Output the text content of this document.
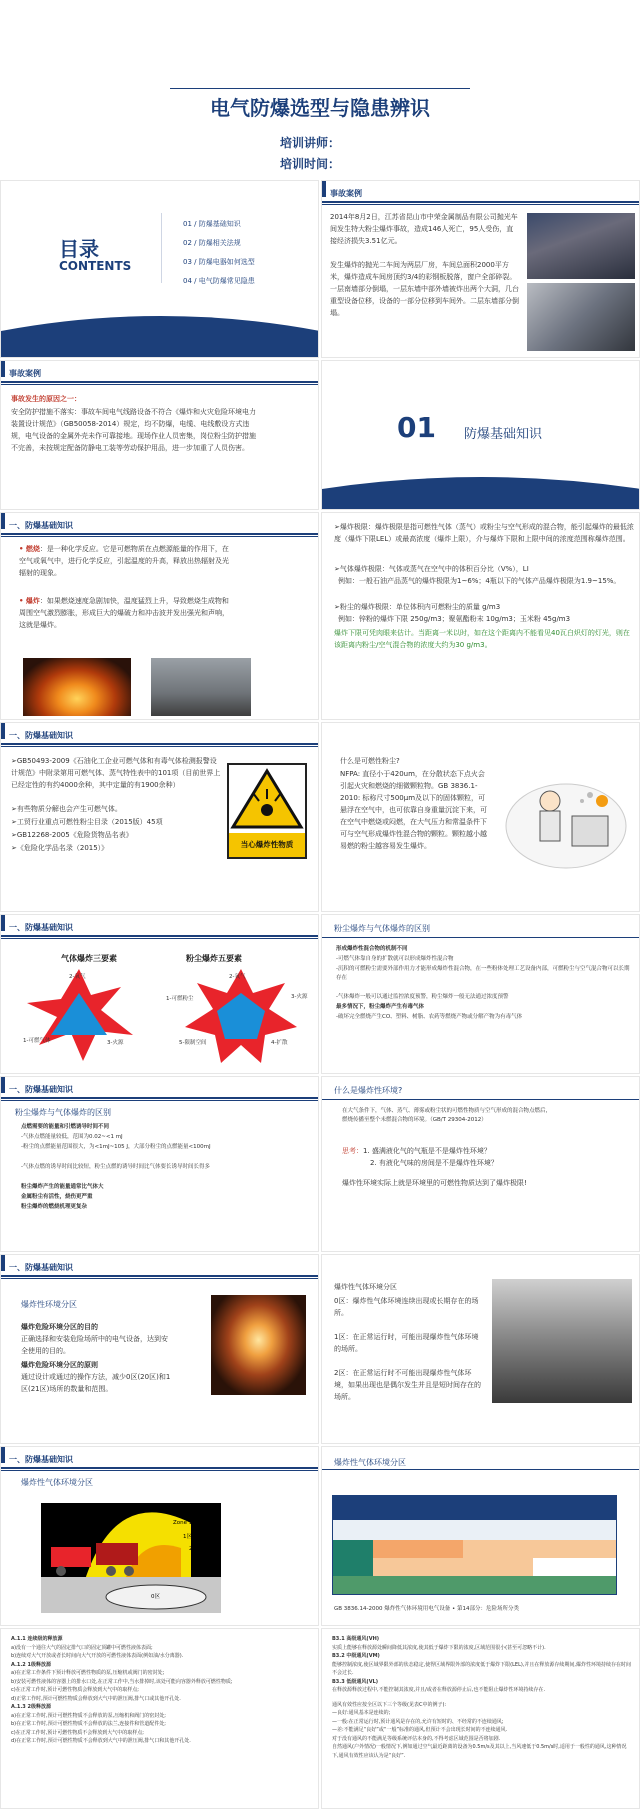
电气防爆选型与隐患辨识
培训讲师：
培训时间：
目录
CONTENTS
01 / 防爆基础知识
02 / 防爆相关法规
03 / 防爆电器如何选型
04 / 电气防爆常见隐患
事故案例
2014年8月2日，江苏省昆山市中荣金属制品有限公司抛光车间发生特大粉尘爆炸事故，造成146人死亡，95人受伤，直接经济损失3.51亿元。
发生爆炸的抛光二车间为两层厂房，车间总面积2000平方米，爆炸造成车间房顶约3/4的彩钢板脱落，窗户全部碎裂。一层南墙部分倒塌，一层东墙中部外墙被炸出两个大洞，几台重型设备位移，设备的一部分位移到车间外。二层东墙部分倒塌。
事故案例
事故发生的原因之一：
安全防护措施不落实：事故车间电气线路设备不符合《爆炸和火灾危险环境电力装置设计规范》（GB50058-2014）规定，均不防爆，电缆、电线敷设方式违规，电气设备的金属外壳未作可靠接地。现场作业人员密集，岗位粉尘防护措施不完善，未按规定配备防静电工装等劳动保护用品，进一步加重了人员伤害。
01 防爆基础知识
一、防爆基础知识
• 燃烧：是一种化学反应。它是可燃物质在点燃源能量的作用下，在空气或氧气中，进行化学反应，引起温度的升高，释放出热辐射及光辐射的现象。
• 爆炸：如果燃烧速度急剧加快，温度猛烈上升，导致燃烧生成物和周围空气激烈膨胀，形成巨大的爆破力和冲击波并发出强光和声响，这就是爆炸。
➢爆炸极限：爆炸极限是指可燃性气体（蒸气）或粉尘与空气形成的混合物，能引起爆炸的最低浓度（爆炸下限LEL）或最高浓度（爆炸上限），介与爆炸下限和上限中间的浓度范围称爆炸范围。
➢气体爆炸极限：气体或蒸气在空气中的体积百分比（V%），LI
例如：一般石油产品蒸气的爆炸极限为1~6%；4瓶以下的气体产品爆炸极限为1.9~15%。
➢粉尘的爆炸极限：单位体积内可燃粉尘的质量 g/m3
例如：锌粉的爆炸下限 250g/m3；聚氨酯粉末 10g/m3；玉米粉 45g/m3
爆炸下限可凭肉眼来估计。当距离一米以时，如在这个距离内不能看见40瓦白炽灯的灯光，则在该距离内粉尘/空气混合物的浓度大约为30 g/m3。
一、防爆基础知识
➢GB50493-2009《石油化工企业可燃气体和有毒气体检测报警设计规范》中附录第用可燃气体、蒸气特性表中的101项（目前世界上已经定性的有约4000余种，其中定量的有1900余种）
➢有些物质分解也会产生可燃气体。
➢工贸行业重点可燃性粉尘目录（2015版）45项
➢GB12268-2005《危险货物品名表》
➢《危险化学品名录（2015）》	当心爆炸性物质
什么是可燃性粉尘?
NFPA: 直径小于420um，在分散状态下点火会引起火灾和燃烧的细微颗粒物。GB 3836.1-2010: 标称尺寸500μm及以下的固体颗粒，可悬浮在空气中，也可依靠自身重量沉淀下来，可在空气中燃烧或闷燃，在大气压力和常温条件下可与空气形成爆炸性混合物的颗粒。颗粒越小越易燃的粉尘越容易发生爆炸。
一、防爆基础知识
气体爆炸三要素	粉尘爆炸五要素
2-氧气
1-可燃气体	3-火源
2-氧气
1-可燃粉尘	3-火源
4-扩散
5-限制空间
粉尘爆炸与气体爆炸的区别
形成爆炸性混合物的机制不同
-可燃气体靠自身的扩散就可以形成爆炸性混合物
-沉积的可燃粉尘需要外部作用力才能形成爆炸性混合物，在一些粉体处理工艺设备内部，可燃粉尘与空气混合物可以长期存在
-气体爆炸一般可以通过监控浓度预警，粉尘爆炸一般无法通过浓度预警
最多情况下，粉尘爆炸产生有毒气体
-破坏完全燃烧产生CO、塑料、树脂、农药等燃烧产物或分解产物为有毒气体
一、防爆基础知识
粉尘爆炸与气体爆炸的区别
点燃需要的能量和引燃诱导时间不同
-气体点燃能量较低，范围为0.02~<1 mJ
-粉尘的点燃能量范围很大，为<1mJ~105 J，大部分粉尘的点燃能量<100mJ
-气体点燃的诱导时间比较短，粉尘点燃的诱导时间比气体要长诱导时间长得多
粉尘爆炸产生的能量通常比气体大
金属粉尘有活性，烧伤更严重
粉尘爆炸的燃烧机理更复杂
什么是爆炸性环境?
在大气条件下，气体、蒸气、薄雾或粉尘状的可燃性物质与空气形成的混合物点燃后，燃烧传播至整个未燃混合物的环境。（GB/T 29304-2012）
思考：1. 盛满液化气的气瓶是不是爆炸性环境？
2. 有液化气味的房间是不是爆炸性环境？
爆炸性环境实际上就是环境里的可燃性物质达到了爆炸极限!
一、防爆基础知识
爆炸性环境分区
爆炸危险环境分区的目的
正确选择和安装危险场所中的电气设备，达到安全使用的目的。
爆炸危险环境分区的原则
通过设计或通过的操作方法，减少0区(20区)和1区(21区)场所的数量和范围。
爆炸性气体环境分区
0区：爆炸性气体环境连续出现或长期存在的场所。
1区：在正常运行时，可能出现爆炸性气体环境的场所。
2区：在正常运行时不可能出现爆炸性气体环境，如果出现也是偶尔发生并且是短时间存在的场所。
一、防爆基础知识
爆炸性气体环境分区
Zone 2
Zone 1
0区
1区
2区
爆炸性气体环境分区
GB 3836.14-2000 爆炸性气体环境用电气设备 • 第14部分：危险场所分类
A.1.1 连续级的释放源
a)没有一个通往大气的固定排气口的固定顶罐中可燃性液体表面;
b)连续对大气开放或者长时间向大气开放的可燃性液体表面(例如油/水分离器).
A.1.2 1级释放源
a)在正常工作条件下预计释放可燃性物质的泵,压缩机或阀门的密封处;
b)安装可燃性液体的容器上的排水口处,在正常工作中,当水排掉时,该处可能向容器外释放可燃性物质;
c)在正常工作时,预计可燃性物质会释放到大气中的取样点;
d)正常工作时,预计可燃性物质会释放到大气中的泄压阀,排气口或其他开孔处.
A.1.3 2级释放源
a)在正常工作时,预计可燃性物质不会释放的泵,压缩机和阀门的密封处;
b)在正常工作时,预计可燃性物质不会释放的法兰,连接件和管道配件处;
c)在正常工作时,预计可燃性物质不会释放到大气中的取样点;
d)在正常工作时,预计可燃性物质不会释放到大气中的泄压阀,排气口和其他开孔处.
B3.1 高级通风(VH)
实质上能够在释放源处瞬间降低其浓度,使其低于爆炸下限的浓度,区域范围很小(甚至可忽略不计).
B3.2 中级通风(VM)
能够控制浓度,使区域界限外部的状态稳定,使得区域界限外部的浓度低于爆炸下限(LEL),并且在释放源存续期间,爆炸性环境持续存在时间不会过长.
B3.3 低级通风(VL)
在释放源释放过程中,不能控制其浓度,并且/或者在释放源停止后,也不能阻止爆炸性环境持续存在.
通风有效性应按全区以下三个等级(见表C中的例子):
—良好:通风基本是连续的;
—一般:在正常运行时,预计通风是存在的,允许有短时的、不经常的不连续通风;
—差:不能满足“良好”或“一般”标准的通风,但预计不会出现长时间的不连续通风.
对于没有通风的不能满足等级系统评估本身的,不得考虑区域范围是否将加剧.
自然通风(户外情况)一般情况下,例如通过空气最近距离的设备为0.5m/s及其以上,当风速低于0.5m/s时,适用于一般性的通风,这种情况下,通风有效性应该认为是“良好”.
